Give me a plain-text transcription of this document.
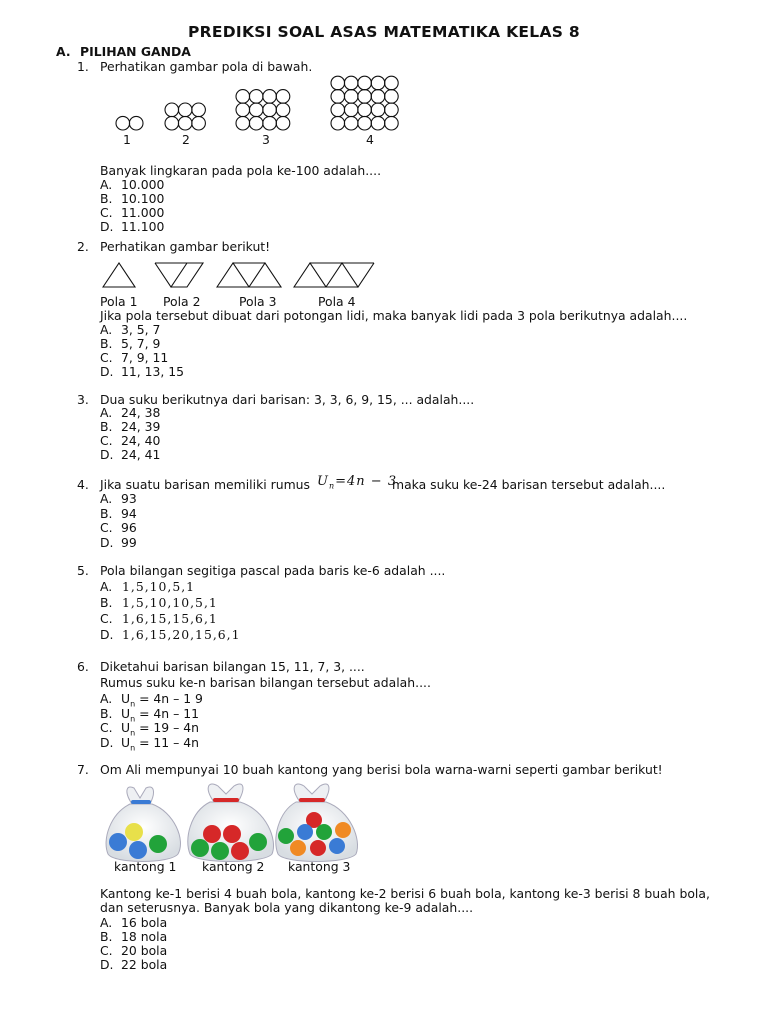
PREDIKSI SOAL ASAS MATEMATIKA KELAS 8
A. PILIHAN GANDA
1. Perhatikan gambar pola di bawah.
1	2	3	4
Banyak lingkaran pada pola ke-100 adalah....
A. 10.000
B. 10.100
C. 11.000
D. 11.100
2. Perhatikan gambar berikut!
Pola 1 Pola 2	Pola 3	Pola 4
Jika pola tersebut dibuat dari potongan lidi, maka banyak lidi pada 3 pola berikutnya adalah....
A. 3, 5, 7
B. 5, 7, 9
C. 7, 9, 11
D. 11, 13, 15
3. Dua suku berikutnya dari barisan: 3, 3, 6, 9, 15, ... adalah....
A. 24, 38
B. 24, 39
C. 24, 40
D. 24, 41
4. Jika suatu barisan memiliki rumus $U_n=4n - 3$
maka suku ke-24 barisan tersebut adalah....
A. 93
B. 94
C. 96
D. 99
5. Pola bilangan segitiga pascal pada baris ke-6 adalah ....
A. 1,5,10,5,1
B. 1,5,10,10,5,1
C. 1,6,15,15,6,1
D. 1,6,15,20,15,6,1
6. Diketahui barisan bilangan 15, 11, 7, 3, ....
Rumus suku ke-n barisan bilangan tersebut adalah....
A. $U_n = 4n - 1$ 9
B. $U_n = 4n - 11$
C. $U_n = 19 - 4n$
D. $U_n = 11 - 4n$
7. Om Ali mempunyai 10 buah kantong yang berisi bola warna-warni seperti gambar berikut!
kantong 1 kantong 2 kantong 3
Kantong ke-1 berisi 4 buah bola, kantong ke-2 berisi 6 buah bola, kantong ke-3 berisi 8 buah bola, dan seterusnya. Banyak bola yang dikantong ke-9 adalah....
A. 16 bola
B. 18 nola
C. 20 bola
D. 22 bola
